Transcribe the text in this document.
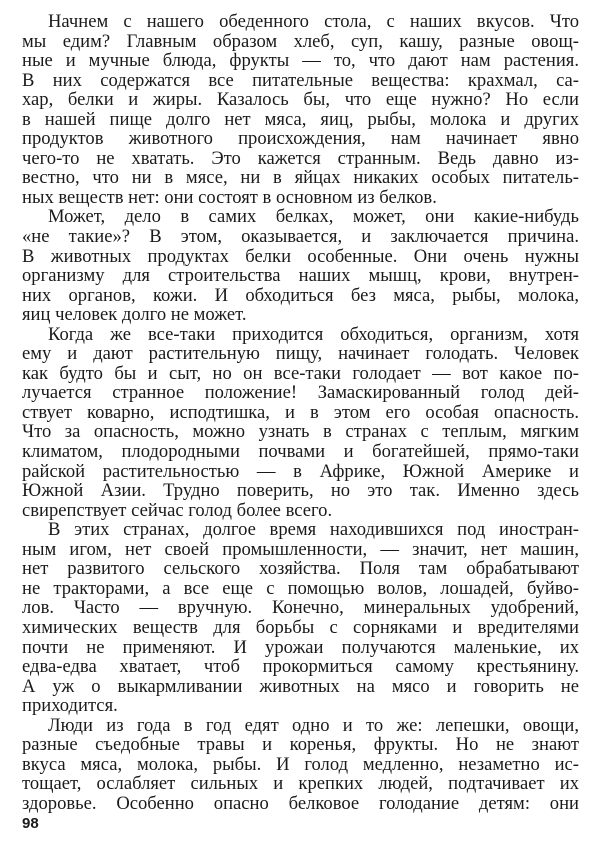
Начнем с нашего обеденного стола, с наших вкусов. Что
мы едим? Главным образом хлеб, суп, кашу, разные овощ-
ные и мучные блюда, фрукты — то, что дают нам растения.
В них содержатся все питательные вещества: крахмал, са-
хар, белки и жиры. Казалось бы, что еще нужно? Но если
в нашей пище долго нет мяса, яиц, рыбы, молока и других
продуктов животного происхождения, нам начинает явно
чего-то не хватать. Это кажется странным. Ведь давно из-
вестно, что ни в мясе, ни в яйцах никаких особых питатель-
ных веществ нет: они состоят в основном из белков.
Может, дело в самих белках, может, они какие-нибудь
«не такие»? В этом, оказывается, и заключается причина.
В животных продуктах белки особенные. Они очень нужны
организму для строительства наших мышц, крови, внутрен-
них органов, кожи. И обходиться без мяса, рыбы, молока,
яиц человек долго не может.
Когда же все-таки приходится обходиться, организм, хотя
ему и дают растительную пищу, начинает голодать. Человек
как будто бы и сыт, но он все-таки голодает — вот какое по-
лучается странное положение! Замаскированный голод дей-
ствует коварно, исподтишка, и в этом его особая опасность.
Что за опасность, можно узнать в странах с теплым, мягким
климатом, плодородными почвами и богатейшей, прямо-таки
райской растительностью — в Африке, Южной Америке и
Южной Азии. Трудно поверить, но это так. Именно здесь
свирепствует сейчас голод более всего.
В этих странах, долгое время находившихся под иностран-
ным игом, нет своей промышленности, — значит, нет машин,
нет развитого сельского хозяйства. Поля там обрабатывают
не тракторами, а все еще с помощью волов, лошадей, буйво-
лов. Часто — вручную. Конечно, минеральных удобрений,
химических веществ для борьбы с сорняками и вредителями
почти не применяют. И урожаи получаются маленькие, их
едва-едва хватает, чтоб прокормиться самому крестьянину.
А уж о выкармливании животных на мясо и говорить не
приходится.
Люди из года в год едят одно и то же: лепешки, овощи,
разные съедобные травы и коренья, фрукты. Но не знают
вкуса мяса, молока, рыбы. И голод медленно, незаметно ис-
тощает, ослабляет сильных и крепких людей, подтачивает их
здоровье. Особенно опасно белковое голодание детям: они
98
